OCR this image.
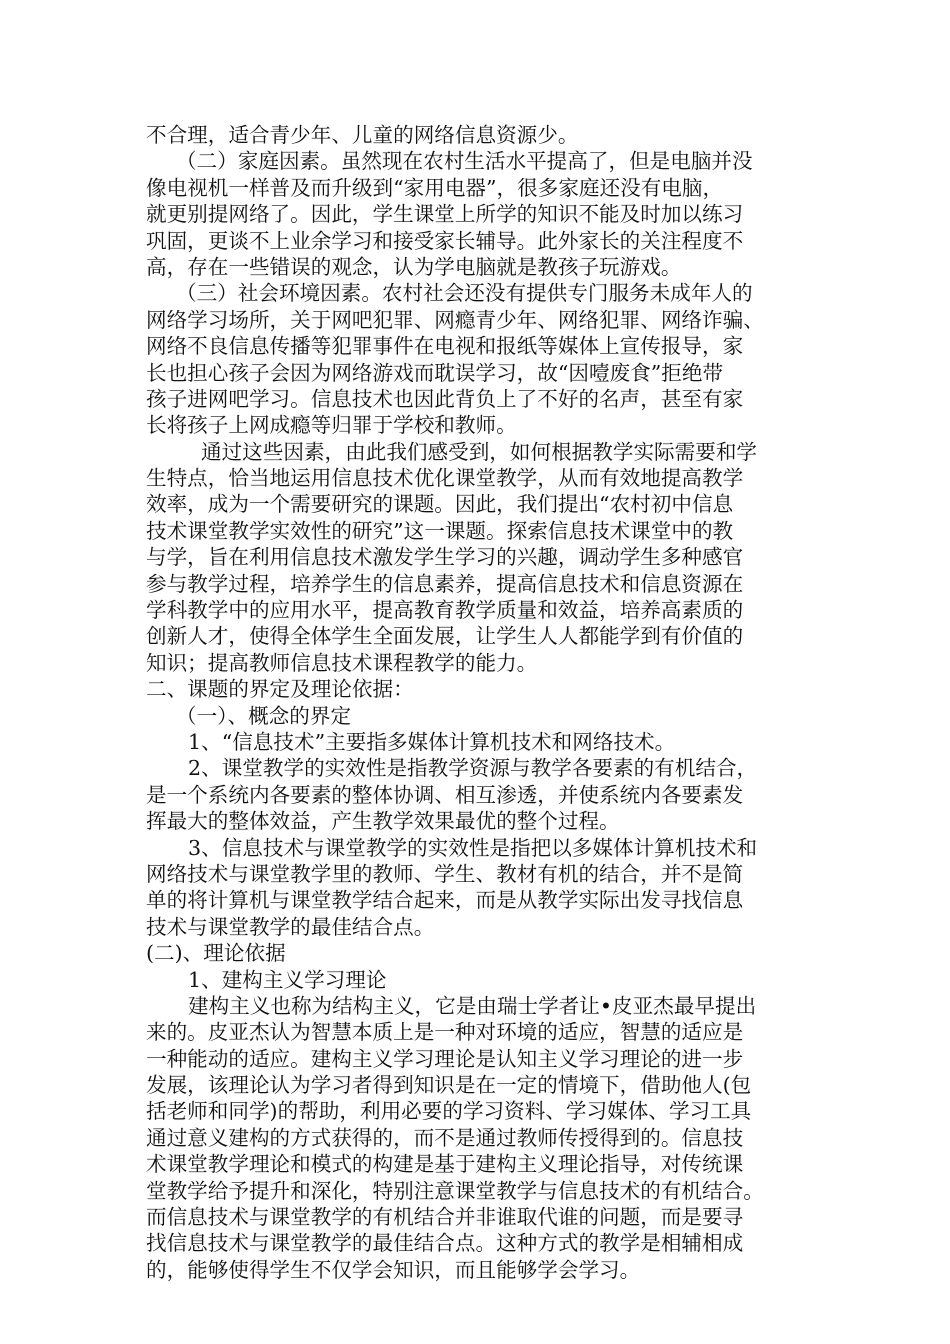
不合理，适合青少年、儿童的网络信息资源少。
（二）家庭因素。虽然现在农村生活水平提高了，但是电脑并没
像电视机一样普及而升级到“家用电器”，很多家庭还没有电脑，
就更别提网络了。因此，学生课堂上所学的知识不能及时加以练习
巩固，更谈不上业余学习和接受家长辅导。此外家长的关注程度不
高，存在一些错误的观念，认为学电脑就是教孩子玩游戏。
（三）社会环境因素。农村社会还没有提供专门服务未成年人的
网络学习场所，关于网吧犯罪、网瘾青少年、网络犯罪、网络诈骗、
网络不良信息传播等犯罪事件在电视和报纸等媒体上宣传报导，家
长也担心孩子会因为网络游戏而耽误学习，故“因噎废食”拒绝带
孩子进网吧学习。信息技术也因此背负上了不好的名声，甚至有家
长将孩子上网成瘾等归罪于学校和教师。
通过这些因素，由此我们感受到，如何根据教学实际需要和学
生特点，恰当地运用信息技术优化课堂教学，从而有效地提高教学
效率，成为一个需要研究的课题。因此，我们提出“农村初中信息
技术课堂教学实效性的研究”这一课题。探索信息技术课堂中的教
与学，旨在利用信息技术激发学生学习的兴趣，调动学生多种感官
参与教学过程，培养学生的信息素养，提高信息技术和信息资源在
学科教学中的应用水平，提高教育教学质量和效益，培养高素质的
创新人才，使得全体学生全面发展，让学生人人都能学到有价值的
知识；提高教师信息技术课程教学的能力。
二、课题的界定及理论依据：
（一）、概念的界定
1、“信息技术”主要指多媒体计算机技术和网络技术。
2、课堂教学的实效性是指教学资源与教学各要素的有机结合，
是一个系统内各要素的整体协调、相互渗透，并使系统内各要素发
挥最大的整体效益，产生教学效果最优的整个过程。
3、信息技术与课堂教学的实效性是指把以多媒体计算机技术和
网络技术与课堂教学里的教师、学生、教材有机的结合，并不是简
单的将计算机与课堂教学结合起来，而是从教学实际出发寻找信息
技术与课堂教学的最佳结合点。
(二)、理论依据
1、建构主义学习理论
建构主义也称为结构主义，它是由瑞士学者让•皮亚杰最早提出
来的。皮亚杰认为智慧本质上是一种对环境的适应，智慧的适应是
一种能动的适应。建构主义学习理论是认知主义学习理论的进一步
发展，该理论认为学习者得到知识是在一定的情境下，借助他人(包
括老师和同学)的帮助，利用必要的学习资料、学习媒体、学习工具
通过意义建构的方式获得的，而不是通过教师传授得到的。信息技
术课堂教学理论和模式的构建是基于建构主义理论指导，对传统课
堂教学给予提升和深化，特别注意课堂教学与信息技术的有机结合。
而信息技术与课堂教学的有机结合并非谁取代谁的问题，而是要寻
找信息技术与课堂教学的最佳结合点。这种方式的教学是相辅相成
的，能够使得学生不仅学会知识，而且能够学会学习。
